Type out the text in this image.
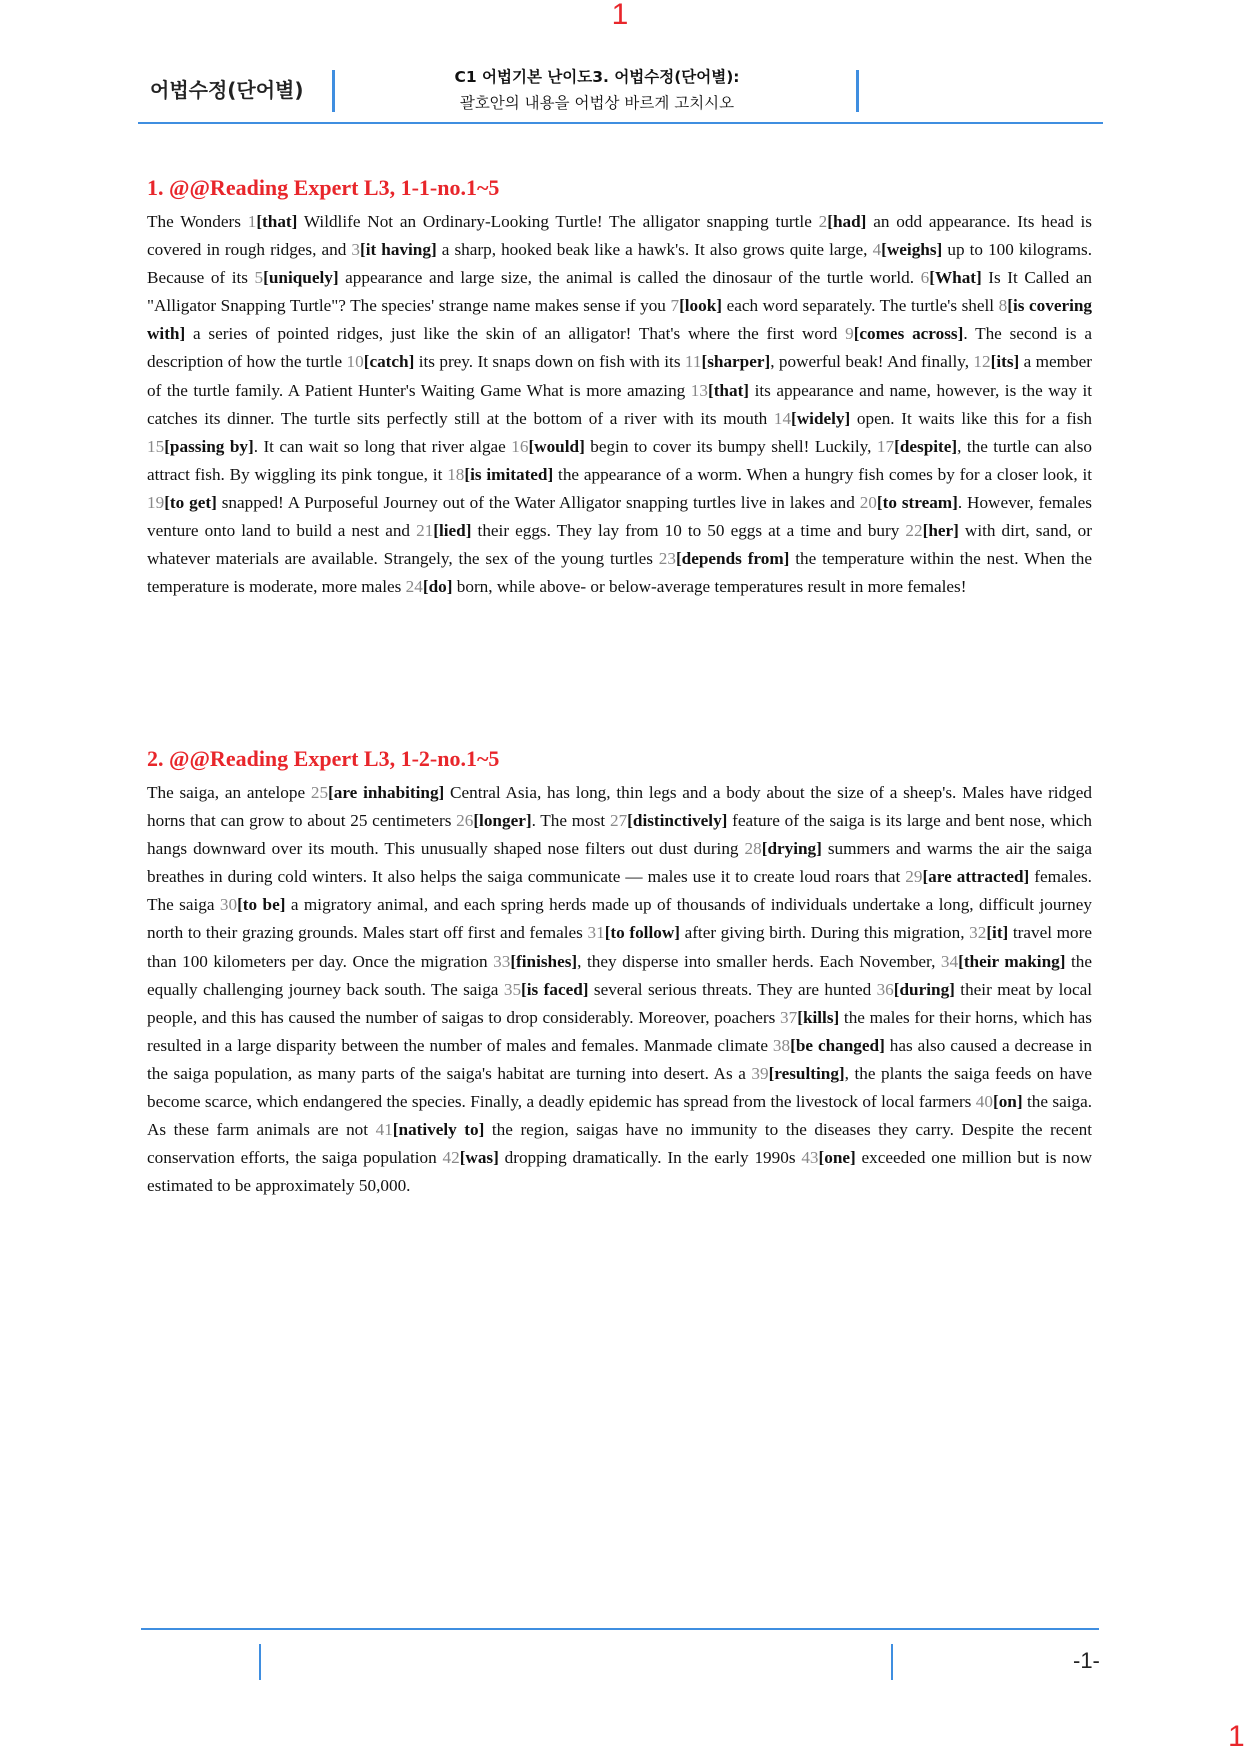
1
어법수정(단어별)
C1 어법기본 난이도3. 어법수정(단어별):
괄호안의 내용을 어법상 바르게 고치시오
1. @@Reading Expert L3, 1-1-no.1~5
The Wonders 1[that] Wildlife Not an Ordinary-Looking Turtle! The alligator snapping turtle 2[had] an odd appearance. Its head is covered in rough ridges, and 3[it having] a sharp, hooked beak like a hawk's. It also grows quite large, 4[weighs] up to 100 kilograms. Because of its 5[uniquely] appearance and large size, the animal is called the dinosaur of the turtle world. 6[What] Is It Called an "Alligator Snapping Turtle"? The species' strange name makes sense if you 7[look] each word separately. The turtle's shell 8[is covering with] a series of pointed ridges, just like the skin of an alligator! That's where the first word 9[comes across]. The second is a description of how the turtle 10[catch] its prey. It snaps down on fish with its 11[sharper], powerful beak! And finally, 12[its] a member of the turtle family. A Patient Hunter's Waiting Game What is more amazing 13[that] its appearance and name, however, is the way it catches its dinner. The turtle sits perfectly still at the bottom of a river with its mouth 14[widely] open. It waits like this for a fish 15[passing by]. It can wait so long that river algae 16[would] begin to cover its bumpy shell! Luckily, 17[despite], the turtle can also attract fish. By wiggling its pink tongue, it 18[is imitated] the appearance of a worm. When a hungry fish comes by for a closer look, it 19[to get] snapped! A Purposeful Journey out of the Water Alligator snapping turtles live in lakes and 20[to stream]. However, females venture onto land to build a nest and 21[lied] their eggs. They lay from 10 to 50 eggs at a time and bury 22[her] with dirt, sand, or whatever materials are available. Strangely, the sex of the young turtles 23[depends from] the temperature within the nest. When the temperature is moderate, more males 24[do] born, while above- or below-average temperatures result in more females!
2. @@Reading Expert L3, 1-2-no.1~5
The saiga, an antelope 25[are inhabiting] Central Asia, has long, thin legs and a body about the size of a sheep's. Males have ridged horns that can grow to about 25 centimeters 26[longer]. The most 27[distinctively] feature of the saiga is its large and bent nose, which hangs downward over its mouth. This unusually shaped nose filters out dust during 28[drying] summers and warms the air the saiga breathes in during cold winters. It also helps the saiga communicate — males use it to create loud roars that 29[are attracted] females. The saiga 30[to be] a migratory animal, and each spring herds made up of thousands of individuals undertake a long, difficult journey north to their grazing grounds. Males start off first and females 31[to follow] after giving birth. During this migration, 32[it] travel more than 100 kilometers per day. Once the migration 33[finishes], they disperse into smaller herds. Each November, 34[their making] the equally challenging journey back south. The saiga 35[is faced] several serious threats. They are hunted 36[during] their meat by local people, and this has caused the number of saigas to drop considerably. Moreover, poachers 37[kills] the males for their horns, which has resulted in a large disparity between the number of males and females. Manmade climate 38[be changed] has also caused a decrease in the saiga population, as many parts of the saiga's habitat are turning into desert. As a 39[resulting], the plants the saiga feeds on have become scarce, which endangered the species. Finally, a deadly epidemic has spread from the livestock of local farmers 40[on] the saiga. As these farm animals are not 41[natively to] the region, saigas have no immunity to the diseases they carry. Despite the recent conservation efforts, the saiga population 42[was] dropping dramatically. In the early 1990s 43[one] exceeded one million but is now estimated to be approximately 50,000.
-1-
1
